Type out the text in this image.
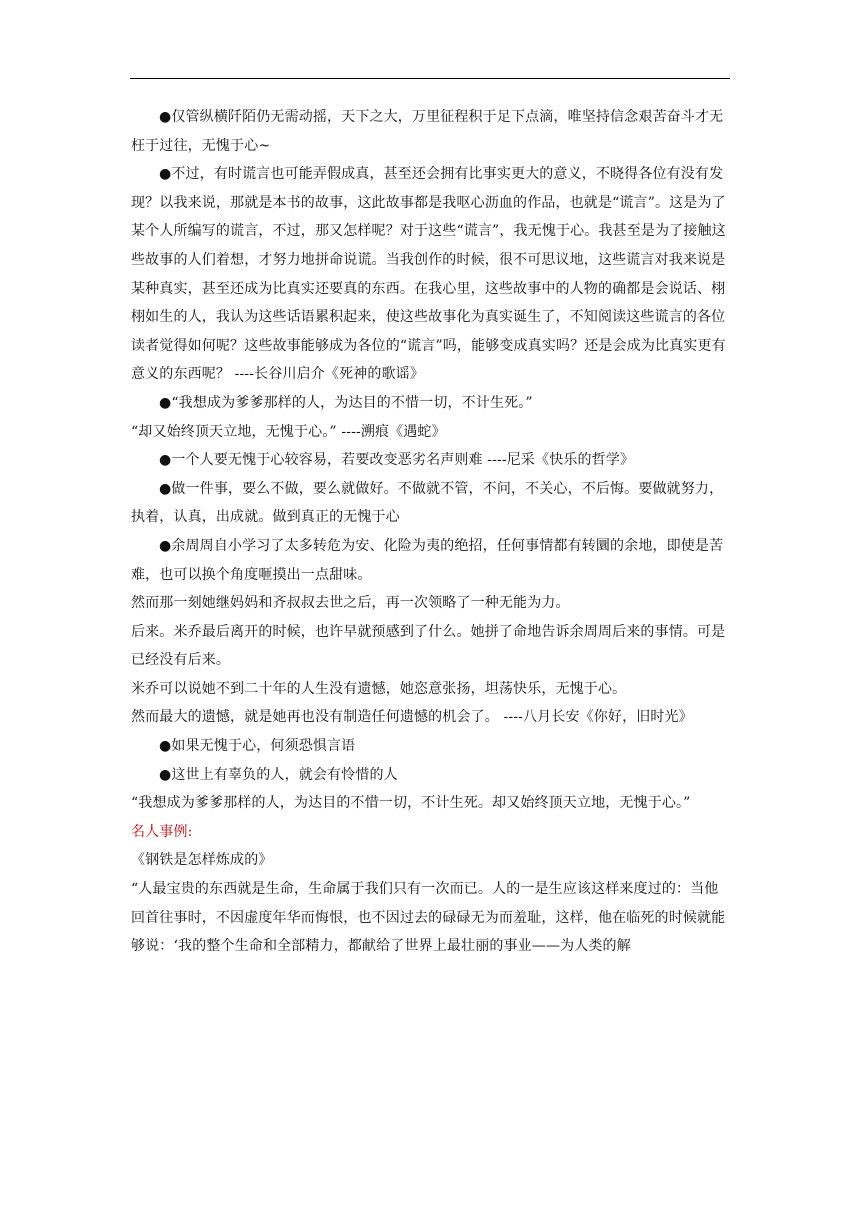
●仅管纵横阡陌仍无需动摇，天下之大，万里征程积于足下点滴，唯坚持信念艰苦奋斗才无枉于过往，无愧于心~

●不过，有时谎言也可能弄假成真，甚至还会拥有比事实更大的意义，不晓得各位有没有发现？以我来说，那就是本书的故事，这此故事都是我呕心沥血的作品，也就是“谎言”。这是为了某个人所编写的谎言，不过，那又怎样呢？对于这些“谎言”，我无愧于心。我甚至是为了接触这些故事的人们着想，才努力地拼命说谎。当我创作的时候，很不可思议地，这些谎言对我来说是某种真实，甚至还成为比真实还要真的东西。在我心里，这些故事中的人物的确都是会说话、栩栩如生的人，我认为这些话语累积起来，使这些故事化为真实诞生了，不知阅读这些谎言的各位读者觉得如何呢？这些故事能够成为各位的“谎言”吗，能够变成真实吗？还是会成为比真实更有意义的东西呢？ ----长谷川启介《死神的歌谣》

●“我想成为爹爹那样的人，为达目的不惜一切，不计生死。”

“却又始终顶天立地，无愧于心。” ----溯痕《遇蛇》

●一个人要无愧于心较容易，若要改变恶劣名声则难 ----尼采《快乐的哲学》

●做一件事，要么不做，要么就做好。不做就不管，不问，不关心，不后悔。要做就努力，执着，认真，出成就。做到真正的无愧于心

●余周周自小学习了太多转危为安、化险为夷的绝招，任何事情都有转圜的余地，即使是苦难，也可以换个角度咂摸出一点甜味。

然而那一刻她继妈妈和齐叔叔去世之后，再一次领略了一种无能为力。

后来。米乔最后离开的时候，也许早就预感到了什么。她拼了命地告诉余周周后来的事情。可是已经没有后来。

米乔可以说她不到二十年的人生没有遗憾，她恣意张扬，坦荡快乐，无愧于心。

然而最大的遗憾，就是她再也没有制造任何遗憾的机会了。 ----八月长安《你好，旧时光》

●如果无愧于心，何须恐惧言语

●这世上有辜负的人，就会有怜惜的人

“我想成为爹爹那样的人，为达目的不惜一切，不计生死。却又始终顶天立地，无愧于心。”

名人事例:

《钢铁是怎样炼成的》

“人最宝贵的东西就是生命，生命属于我们只有一次而已。人的一是生应该这样来度过的：当他回首往事时，不因虚度年华而悔恨，也不因过去的碌碌无为而羞耻，这样，他在临死的时候就能够说：‘我的整个生命和全部精力，都献给了世界上最壮丽的事业——为人类的解
